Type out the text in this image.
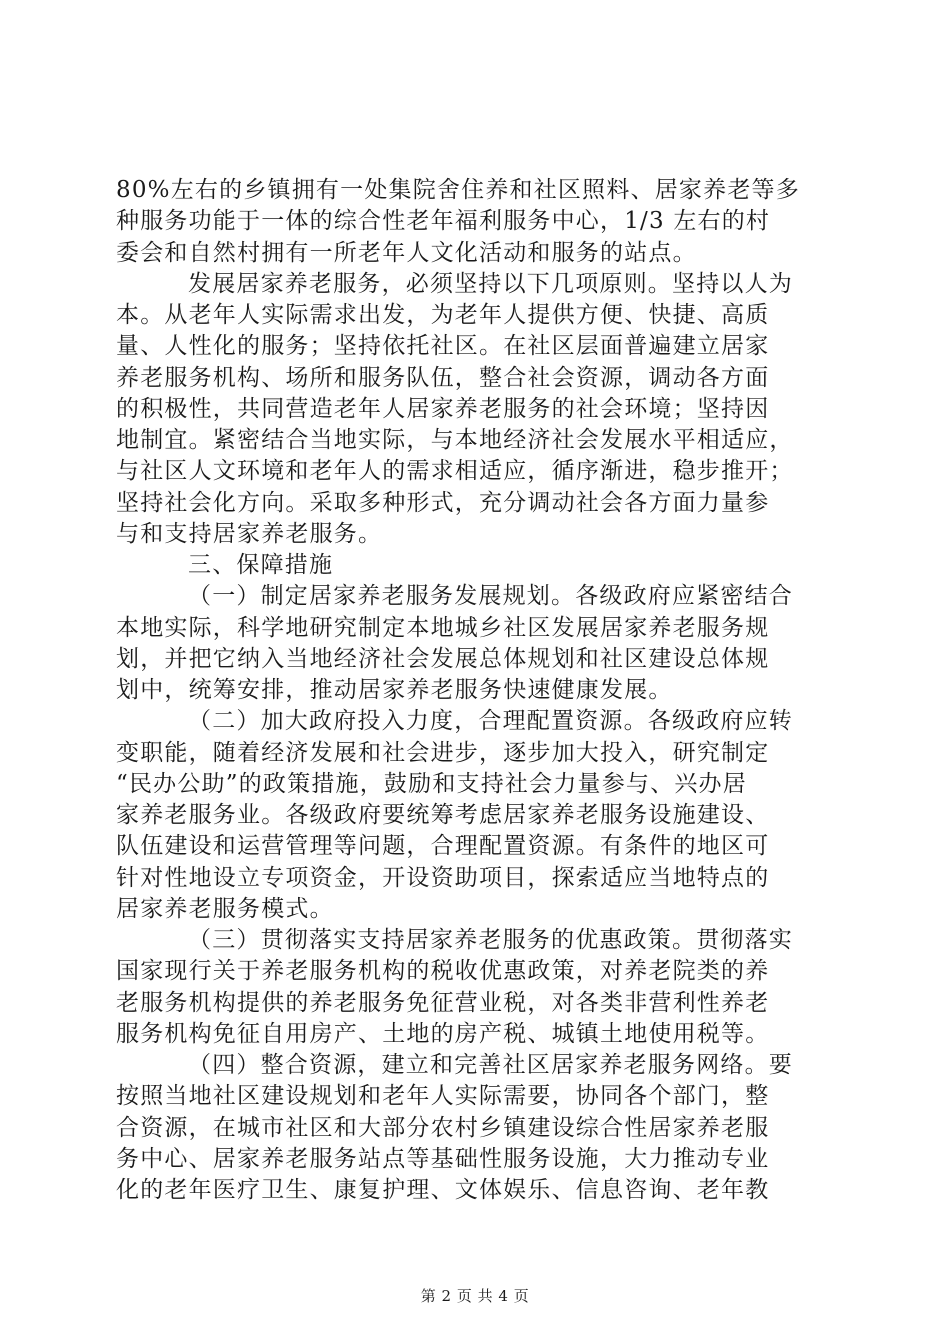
80%左右的乡镇拥有一处集院舍住养和社区照料、居家养老等多
种服务功能于一体的综合性老年福利服务中心，1/3 左右的村
委会和自然村拥有一所老年人文化活动和服务的站点。
发展居家养老服务，必须坚持以下几项原则。坚持以人为
本。从老年人实际需求出发，为老年人提供方便、快捷、高质
量、人性化的服务；坚持依托社区。在社区层面普遍建立居家
养老服务机构、场所和服务队伍，整合社会资源，调动各方面
的积极性，共同营造老年人居家养老服务的社会环境；坚持因
地制宜。紧密结合当地实际，与本地经济社会发展水平相适应，
与社区人文环境和老年人的需求相适应，循序渐进，稳步推开；
坚持社会化方向。采取多种形式，充分调动社会各方面力量参
与和支持居家养老服务。
三、保障措施
（一）制定居家养老服务发展规划。各级政府应紧密结合
本地实际，科学地研究制定本地城乡社区发展居家养老服务规
划，并把它纳入当地经济社会发展总体规划和社区建设总体规
划中，统筹安排，推动居家养老服务快速健康发展。
（二）加大政府投入力度，合理配置资源。各级政府应转
变职能，随着经济发展和社会进步，逐步加大投入，研究制定
“民办公助”的政策措施，鼓励和支持社会力量参与、兴办居
家养老服务业。各级政府要统筹考虑居家养老服务设施建设、
队伍建设和运营管理等问题，合理配置资源。有条件的地区可
针对性地设立专项资金，开设资助项目，探索适应当地特点的
居家养老服务模式。
（三）贯彻落实支持居家养老服务的优惠政策。贯彻落实
国家现行关于养老服务机构的税收优惠政策，对养老院类的养
老服务机构提供的养老服务免征营业税，对各类非营利性养老
服务机构免征自用房产、土地的房产税、城镇土地使用税等。
（四）整合资源，建立和完善社区居家养老服务网络。要
按照当地社区建设规划和老年人实际需要，协同各个部门，整
合资源，在城市社区和大部分农村乡镇建设综合性居家养老服
务中心、居家养老服务站点等基础性服务设施，大力推动专业
化的老年医疗卫生、康复护理、文体娱乐、信息咨询、老年教
第 2 页 共 4 页
